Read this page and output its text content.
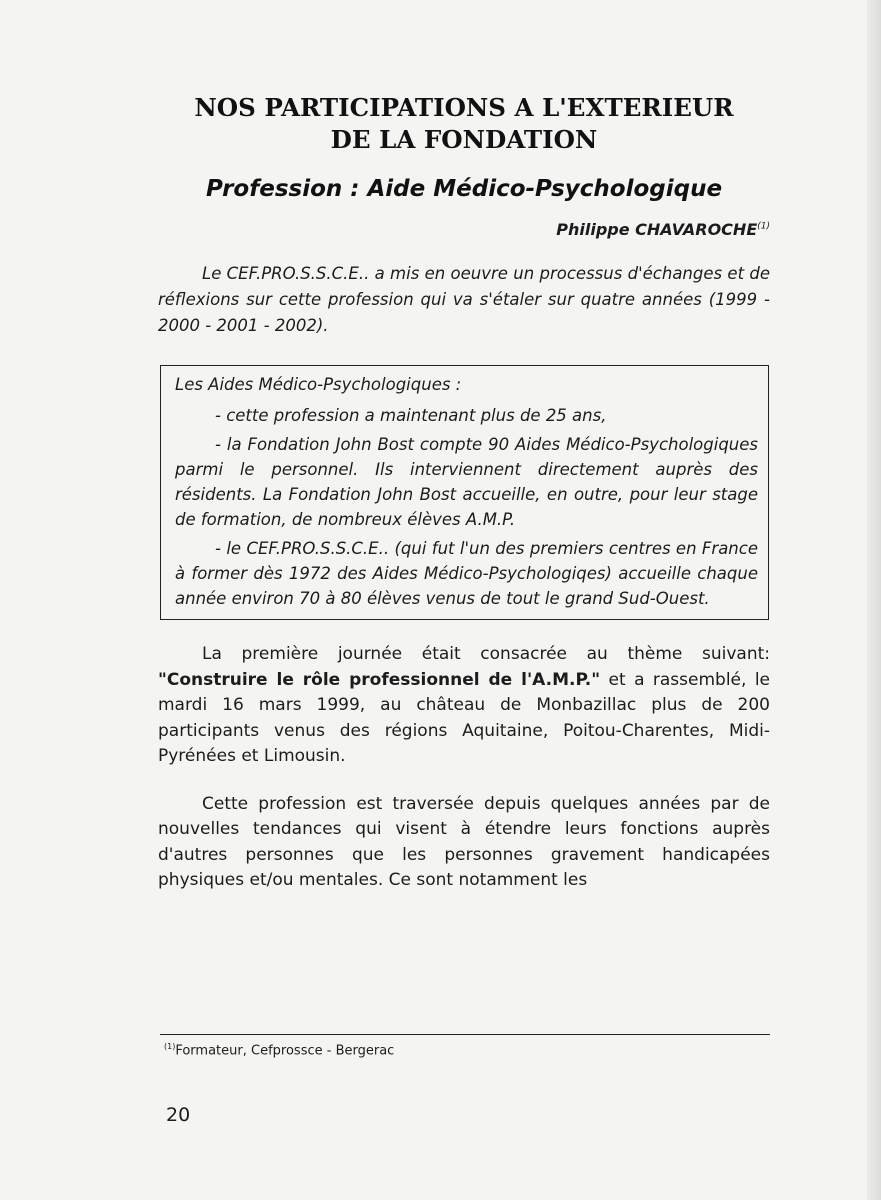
NOS PARTICIPATIONS A L'EXTERIEUR
DE LA FONDATION
Profession : Aide Médico-Psychologique

Philippe CHAVAROCHE$^{(1)}$

Le CEF.PRO.S.S.C.E.. a mis en oeuvre un processus d'échanges et de réflexions sur cette profession qui va s'étaler sur quatre années (1999 - 2000 - 2001 - 2002).

Les Aides Médico-Psychologiques :

- cette profession a maintenant plus de 25 ans,

- la Fondation John Bost compte 90 Aides Médico-Psychologiques parmi le personnel. Ils interviennent directement auprès des résidents. La Fondation John Bost accueille, en outre, pour leur stage de formation, de nombreux élèves A.M.P.

- le CEF.PRO.S.S.C.E.. (qui fut l'un des premiers centres en France à former dès 1972 des Aides Médico-Psychologiqes) accueille chaque année environ 70 à 80 élèves venus de tout le grand Sud-Ouest.

La première journée était consacrée au thème suivant: "Construire le rôle professionnel de l'A.M.P." et a rassemblé, le mardi 16 mars 1999, au château de Monbazillac plus de 200 participants venus des régions Aquitaine, Poitou-Charentes, Midi-Pyrénées et Limousin.

Cette profession est traversée depuis quelques années par de nouvelles tendances qui visent à étendre leurs fonctions auprès d'autres personnes que les personnes gravement handicapées physiques et/ou mentales. Ce sont notamment les

$^{(1)}$Formateur, Cefprossce - Bergerac
20
